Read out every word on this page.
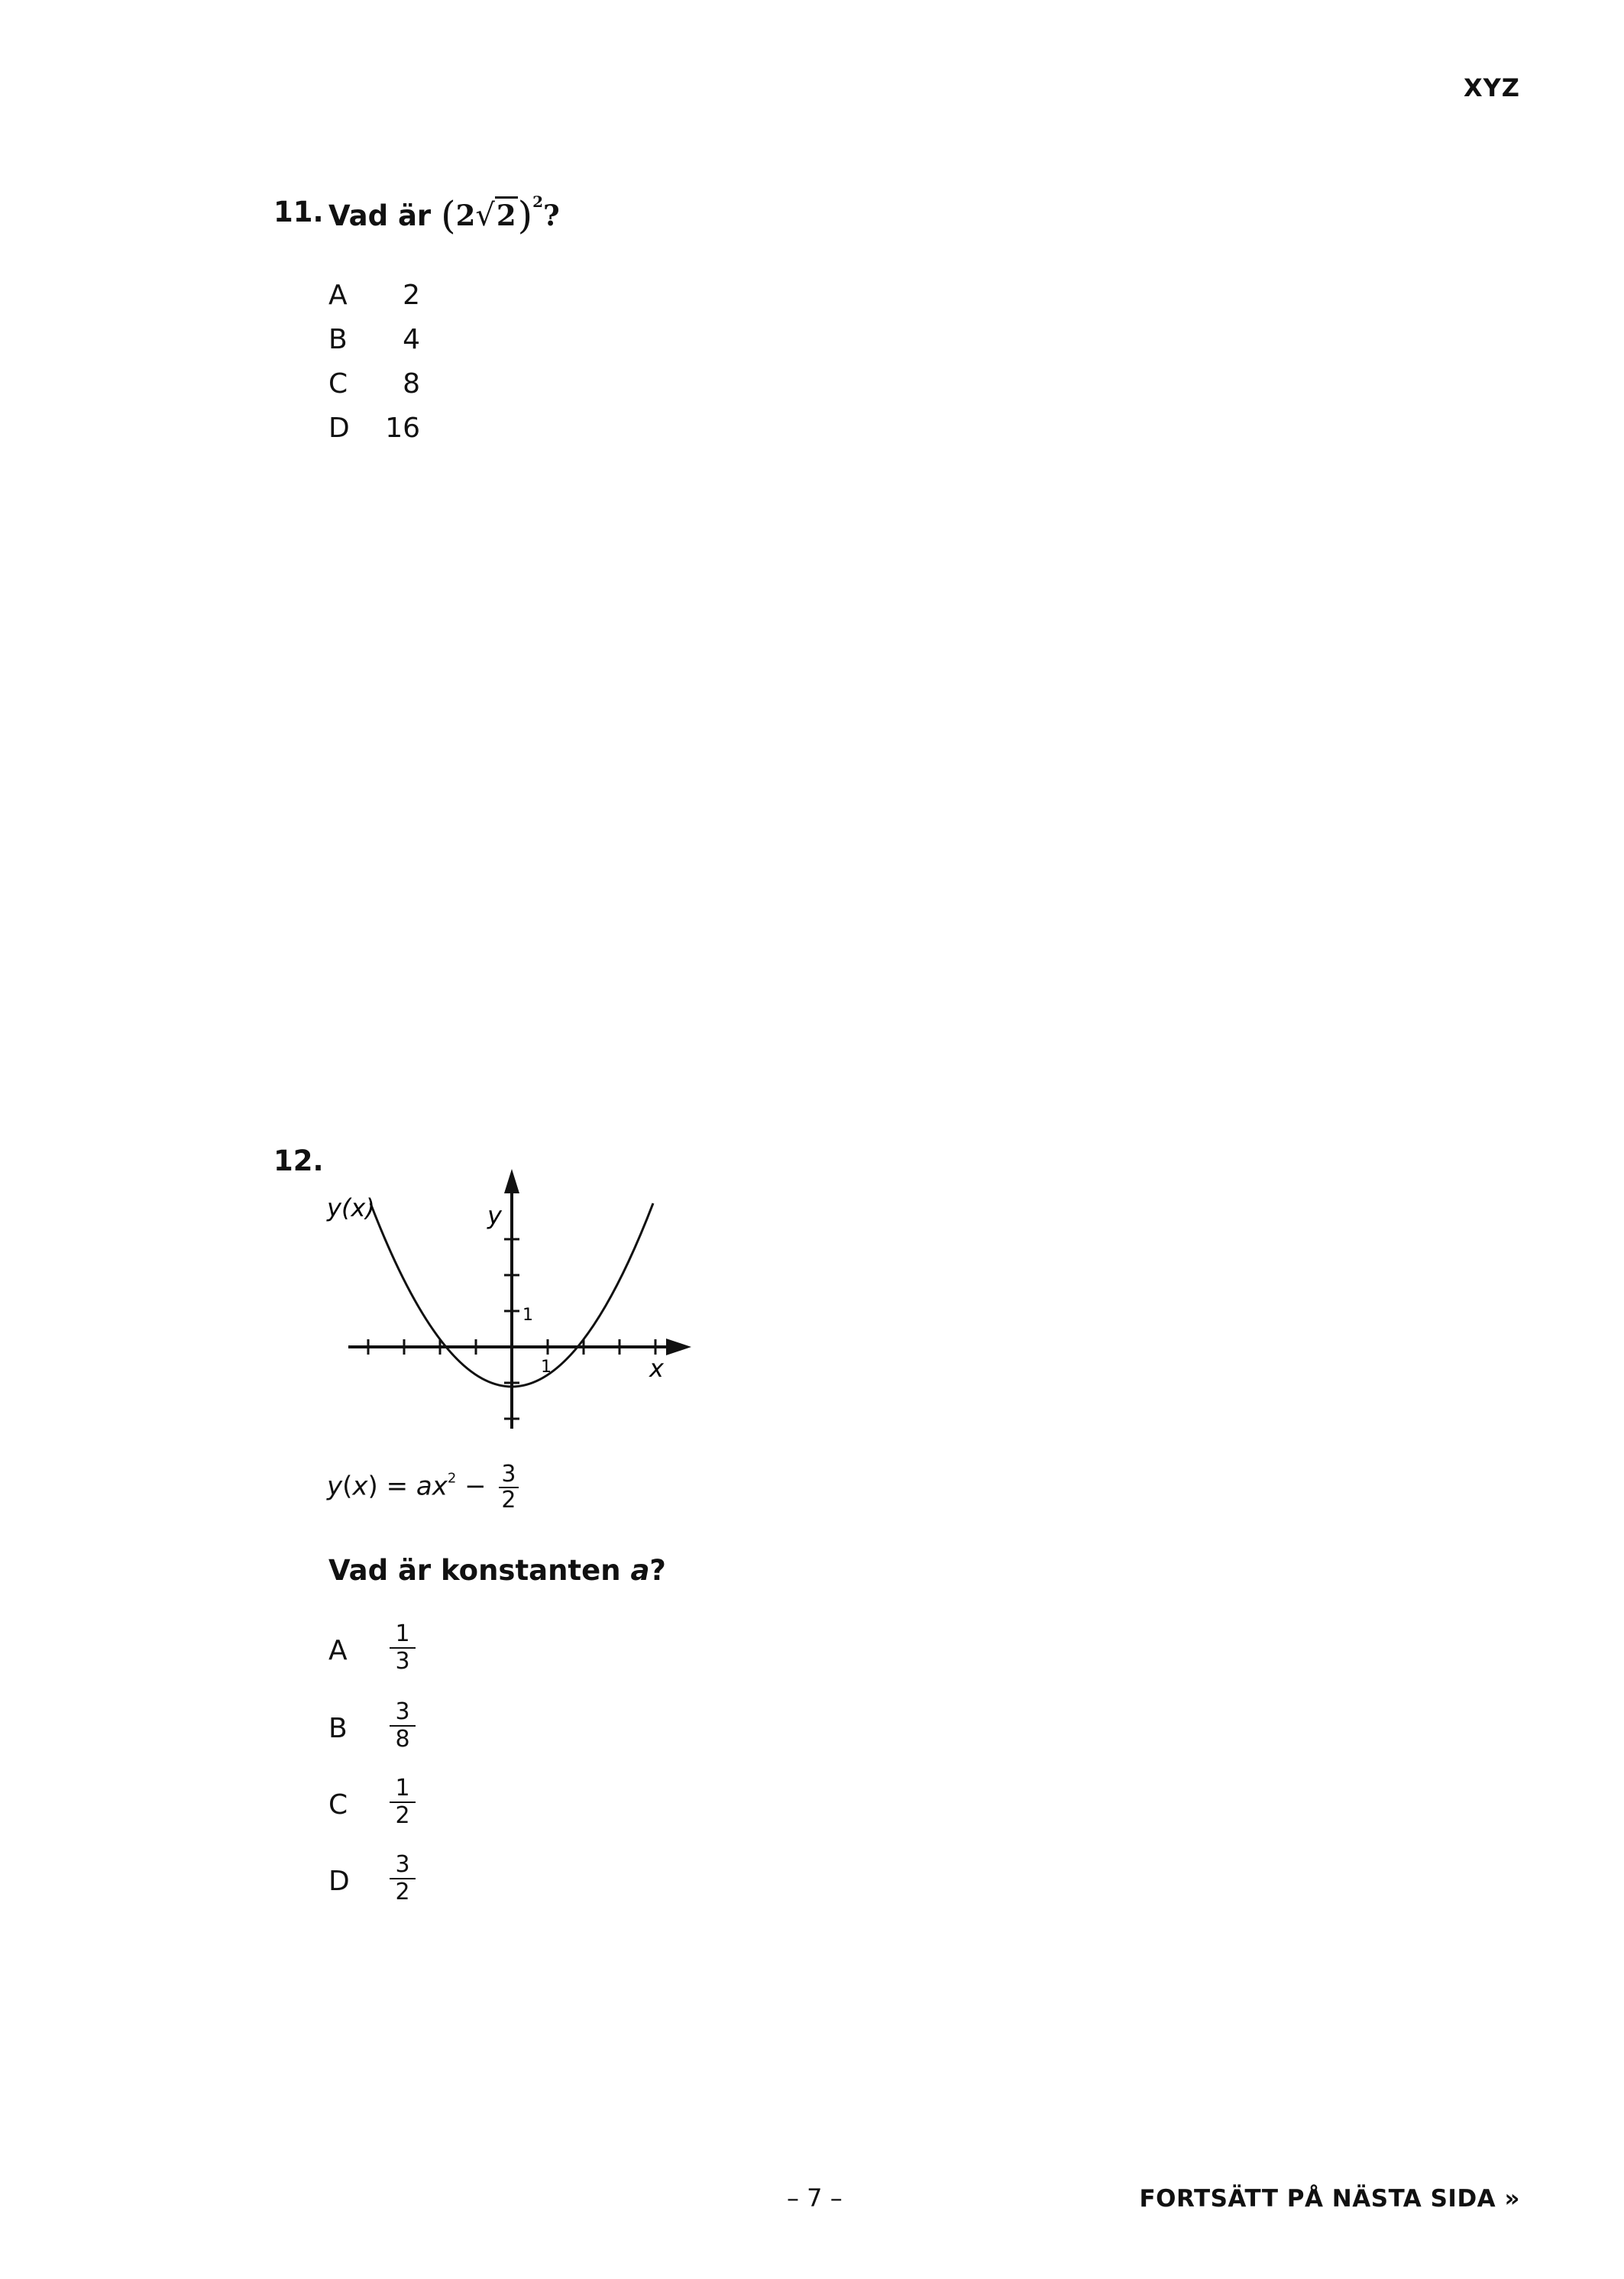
XYZ
11. Vad är $(2√2)^2$?
A	2
B	4
C	8
D	16
12.
y(x)	y
x
1
1
$y(x) = ax^2 - \frac{3}{2}$
Vad är konstanten a?
A $\frac{1}{3}$
B $\frac{3}{8}$
C $\frac{1}{2}$
D $\frac{3}{2}$
– 7 –	FORTSÄTT PÅ NÄSTA SIDA »
